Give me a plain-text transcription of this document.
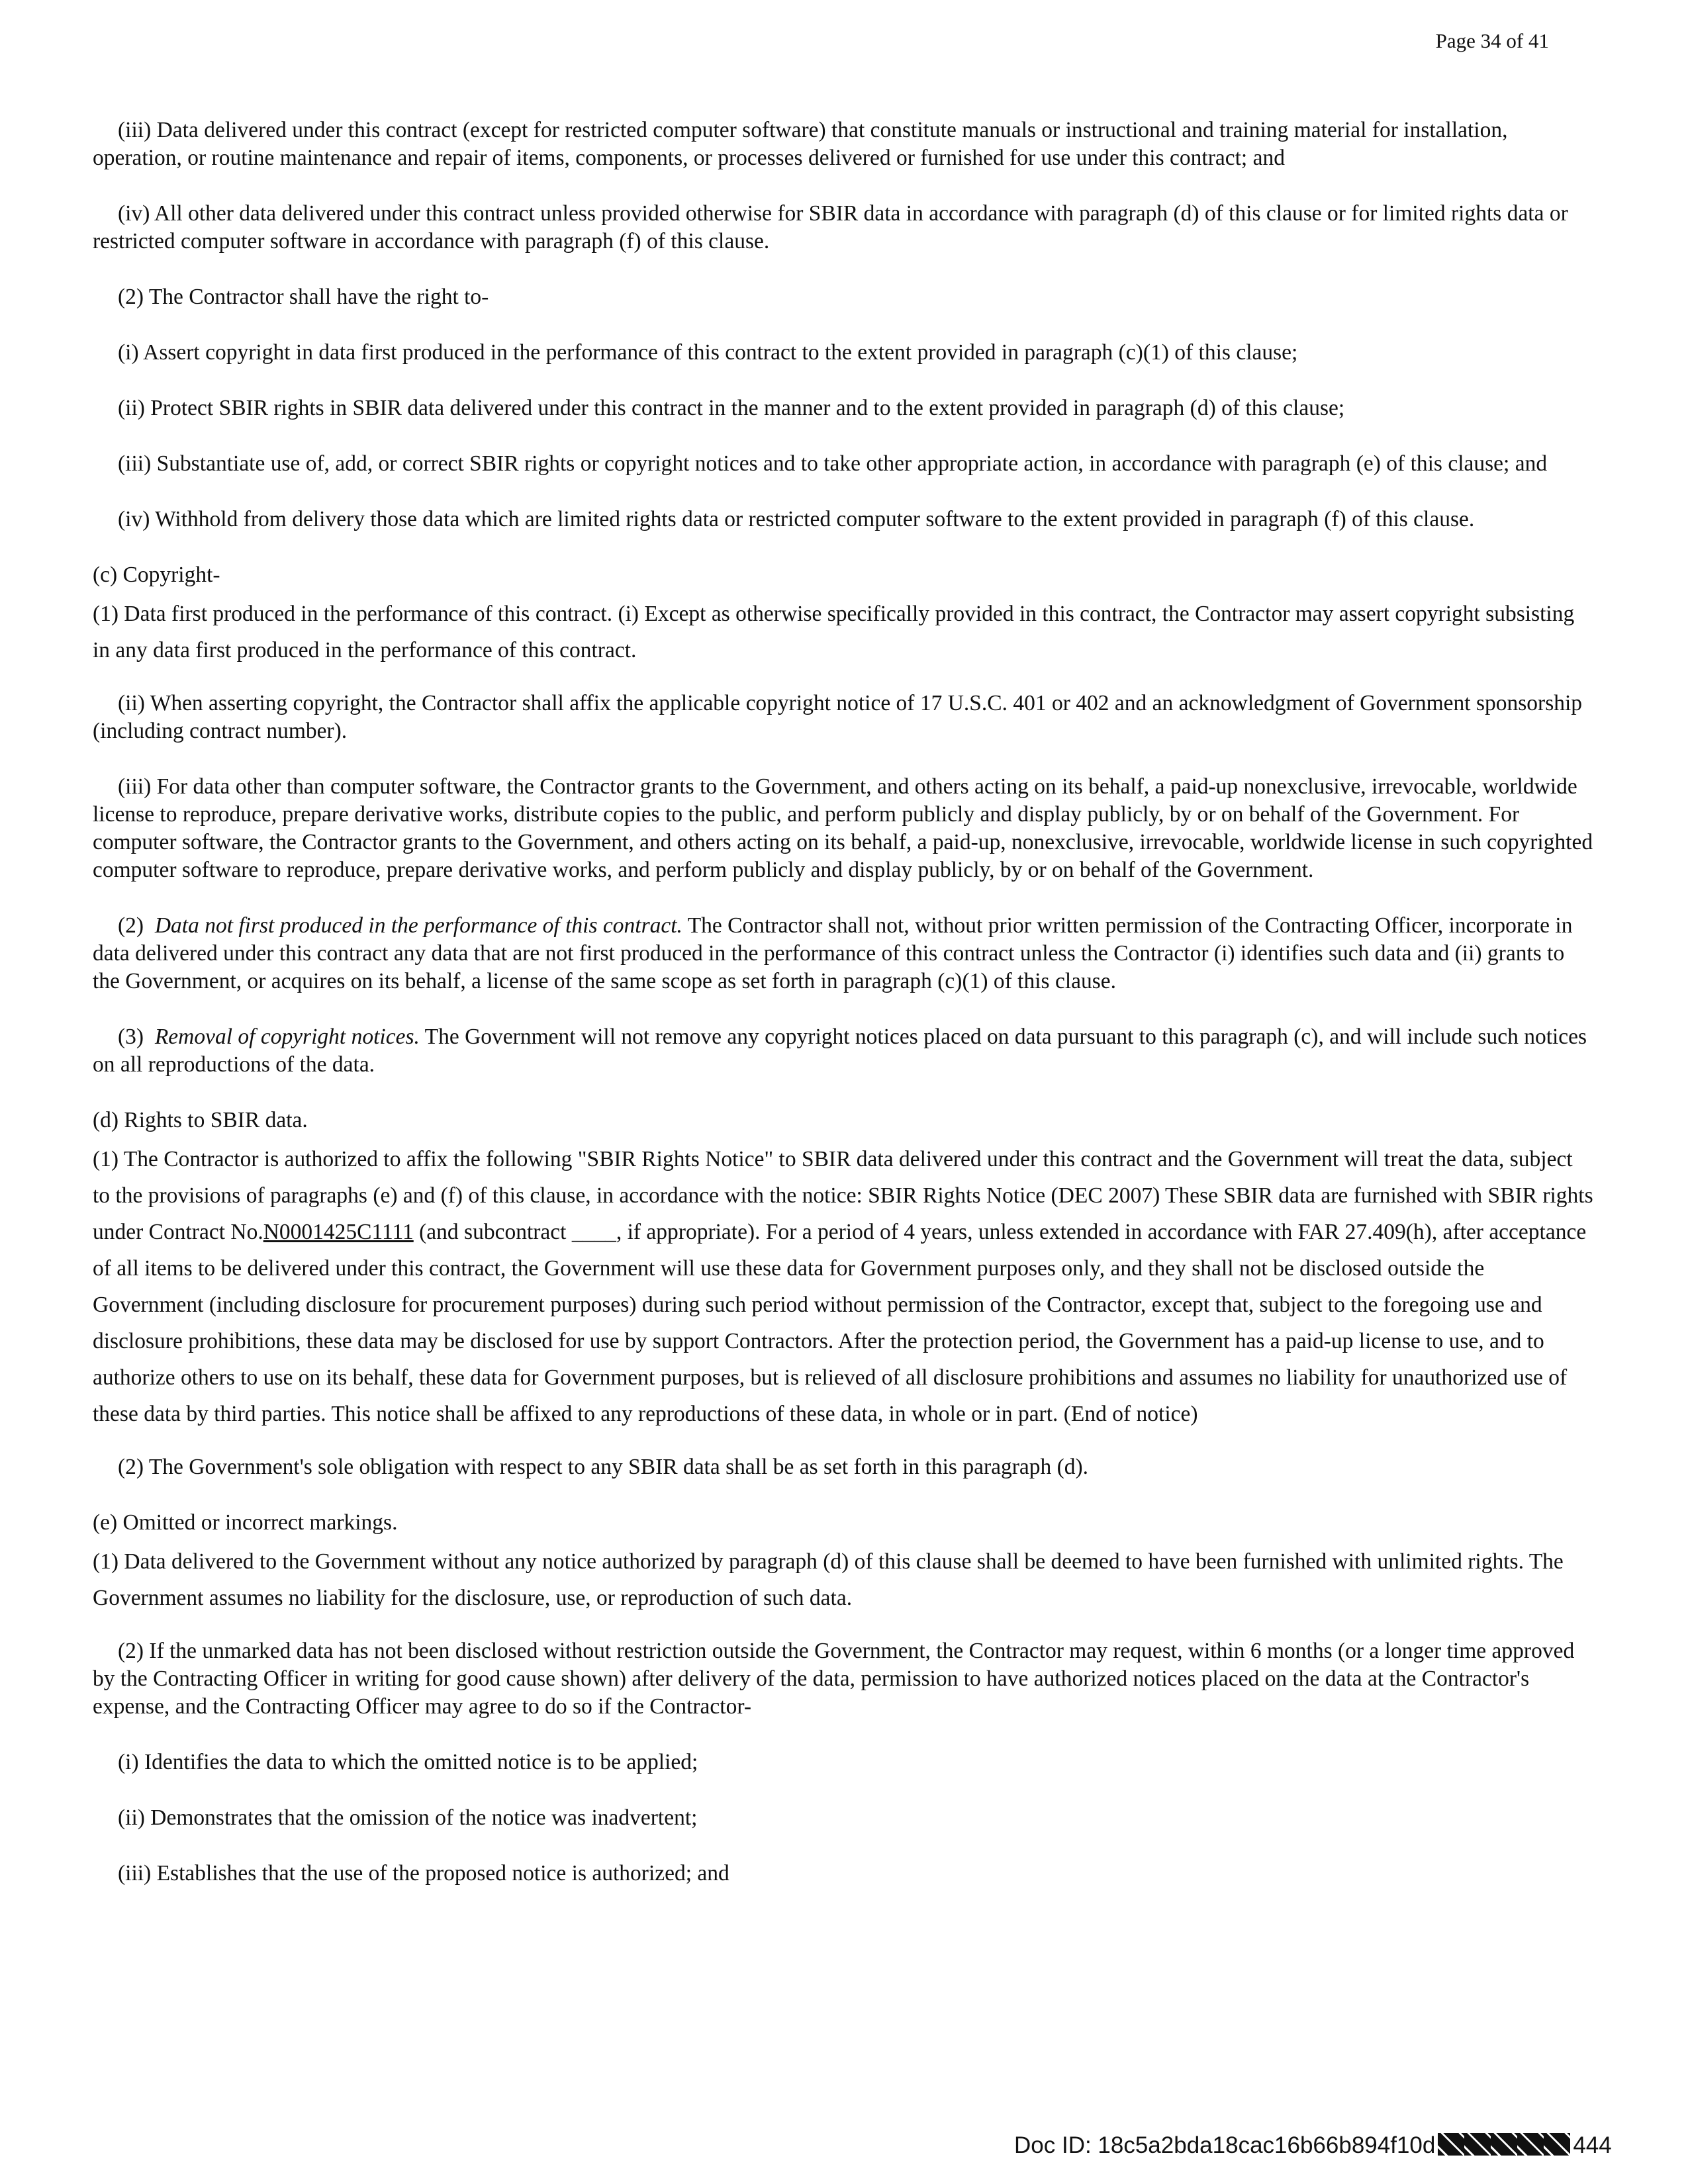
Page 34 of 41

(iii) Data delivered under this contract (except for restricted computer software) that constitute manuals or instructional and training material for installation, operation, or routine maintenance and repair of items, components, or processes delivered or furnished for use under this contract; and

(iv) All other data delivered under this contract unless provided otherwise for SBIR data in accordance with paragraph (d) of this clause or for limited rights data or restricted computer software in accordance with paragraph (f) of this clause.

(2) The Contractor shall have the right to-

(i) Assert copyright in data first produced in the performance of this contract to the extent provided in paragraph (c)(1) of this clause;

(ii) Protect SBIR rights in SBIR data delivered under this contract in the manner and to the extent provided in paragraph (d) of this clause;

(iii) Substantiate use of, add, or correct SBIR rights or copyright notices and to take other appropriate action, in accordance with paragraph (e) of this clause; and

(iv) Withhold from delivery those data which are limited rights data or restricted computer software to the extent provided in paragraph (f) of this clause.

(c) Copyright-

(1) Data first produced in the performance of this contract. (i) Except as otherwise specifically provided in this contract, the Contractor may assert copyright subsisting in any data first produced in the performance of this contract.

(ii) When asserting copyright, the Contractor shall affix the applicable copyright notice of 17 U.S.C. 401 or 402 and an acknowledgment of Government sponsorship (including contract number).

(iii) For data other than computer software, the Contractor grants to the Government, and others acting on its behalf, a paid-up nonexclusive, irrevocable, worldwide license to reproduce, prepare derivative works, distribute copies to the public, and perform publicly and display publicly, by or on behalf of the Government. For computer software, the Contractor grants to the Government, and others acting on its behalf, a paid-up, nonexclusive, irrevocable, worldwide license in such copyrighted computer software to reproduce, prepare derivative works, and perform publicly and display publicly, by or on behalf of the Government.

(2) Data not first produced in the performance of this contract. The Contractor shall not, without prior written permission of the Contracting Officer, incorporate in data delivered under this contract any data that are not first produced in the performance of this contract unless the Contractor (i) identifies such data and (ii) grants to the Government, or acquires on its behalf, a license of the same scope as set forth in paragraph (c)(1) of this clause.

(3) Removal of copyright notices. The Government will not remove any copyright notices placed on data pursuant to this paragraph (c), and will include such notices on all reproductions of the data.

(d) Rights to SBIR data.

(1) The Contractor is authorized to affix the following "SBIR Rights Notice" to SBIR data delivered under this contract and the Government will treat the data, subject to the provisions of paragraphs (e) and (f) of this clause, in accordance with the notice: SBIR Rights Notice (DEC 2007) These SBIR data are furnished with SBIR rights under Contract No.N0001425C1111 (and subcontract ____, if appropriate). For a period of 4 years, unless extended in accordance with FAR 27.409(h), after acceptance of all items to be delivered under this contract, the Government will use these data for Government purposes only, and they shall not be disclosed outside the Government (including disclosure for procurement purposes) during such period without permission of the Contractor, except that, subject to the foregoing use and disclosure prohibitions, these data may be disclosed for use by support Contractors. After the protection period, the Government has a paid-up license to use, and to authorize others to use on its behalf, these data for Government purposes, but is relieved of all disclosure prohibitions and assumes no liability for unauthorized use of these data by third parties. This notice shall be affixed to any reproductions of these data, in whole or in part. (End of notice)

(2) The Government's sole obligation with respect to any SBIR data shall be as set forth in this paragraph (d).

(e) Omitted or incorrect markings.

(1) Data delivered to the Government without any notice authorized by paragraph (d) of this clause shall be deemed to have been furnished with unlimited rights. The Government assumes no liability for the disclosure, use, or reproduction of such data.

(2) If the unmarked data has not been disclosed without restriction outside the Government, the Contractor may request, within 6 months (or a longer time approved by the Contracting Officer in writing for good cause shown) after delivery of the data, permission to have authorized notices placed on the data at the Contractor's expense, and the Contracting Officer may agree to do so if the Contractor-

(i) Identifies the data to which the omitted notice is to be applied;

(ii) Demonstrates that the omission of the notice was inadvertent;

(iii) Establishes that the use of the proposed notice is authorized; and

Doc ID: 18c5a2bda18cac16b66b894f10d	444
